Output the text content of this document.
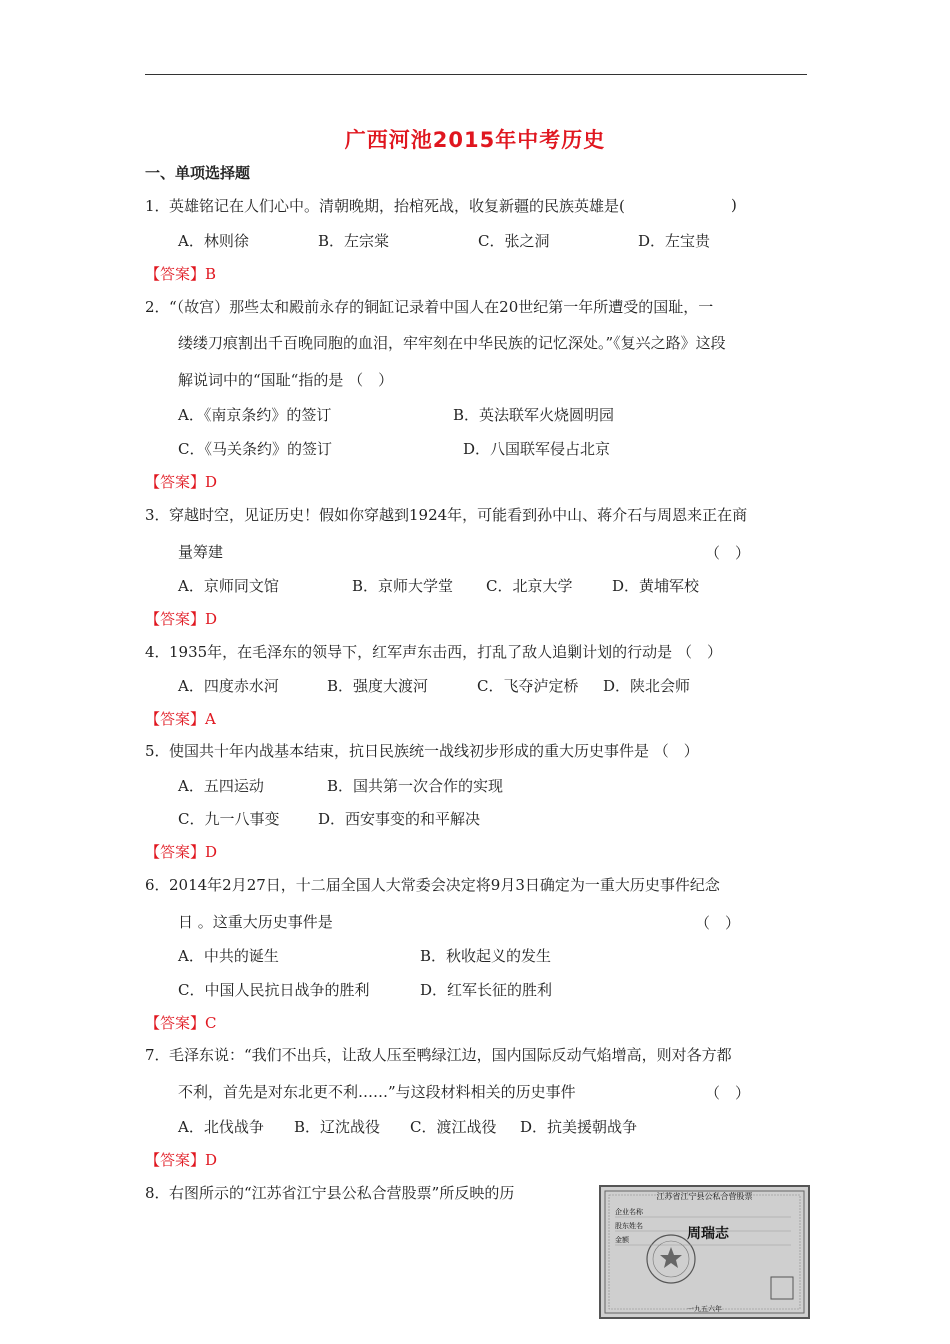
广西河池2015年中考历史
一、单项选择题
1．英雄铭记在人们心中。清朝晚期，抬棺死战，收复新疆的民族英雄是(	)
A．林则徐	B．左宗棠	C．张之洞	D．左宝贵
【答案】B
2．“（故宫）那些太和殿前永存的铜缸记录着中国人在20世纪第一年所遭受的国耻，一
缕缕刀痕割出千百晚同胞的血泪，牢牢刻在中华民族的记忆深处。”《复兴之路》这段
解说词中的“国耻“指的是 （　）
A．《南京条约》的签订	B．英法联军火烧圆明园
C．《马关条约》的签订	D．八国联军侵占北京
【答案】D
3．穿越时空，见证历史！假如你穿越到1924年，可能看到孙中山、蒋介石与周恩来正在商
量筹建	（　）
A．京师同文馆	B．京师大学堂 C．北京大学	D．黄埔军校
【答案】D
4．1935年，在毛泽东的领导下，红军声东击西，打乱了敌人追剿计划的行动是 （　）
A．四度赤水河	B．强度大渡河	C．飞夺泸定桥 D．陕北会师
【答案】A
5．使国共十年内战基本结束，抗日民族统一战线初步形成的重大历史事件是 （　）
A．五四运动	B．国共第一次合作的实现
C．九一八事变	D．西安事变的和平解决
【答案】D
6．2014年2月27日，十二届全国人大常委会决定将9月3日确定为一重大历史事件纪念
日 。这重大历史事件是	（　）
A．中共的诞生	B．秋收起义的发生
C．中国人民抗日战争的胜利	D．红军长征的胜利
【答案】C
7．毛泽东说：“我们不出兵，让敌人压至鸭绿江边，国内国际反动气焰增高，则对各方都
不利，首先是对东北更不利……”与这段材料相关的历史事件	（　）
A．北伐战争 B．辽沈战役 C．渡江战役 D．抗美援朝战争
【答案】D
8．右图所示的“江苏省江宁县公私合营股票”所反映的历	江苏省江宁县公私合营股票
企业名称
股东姓名
金额	周瑞志
一九五六年
